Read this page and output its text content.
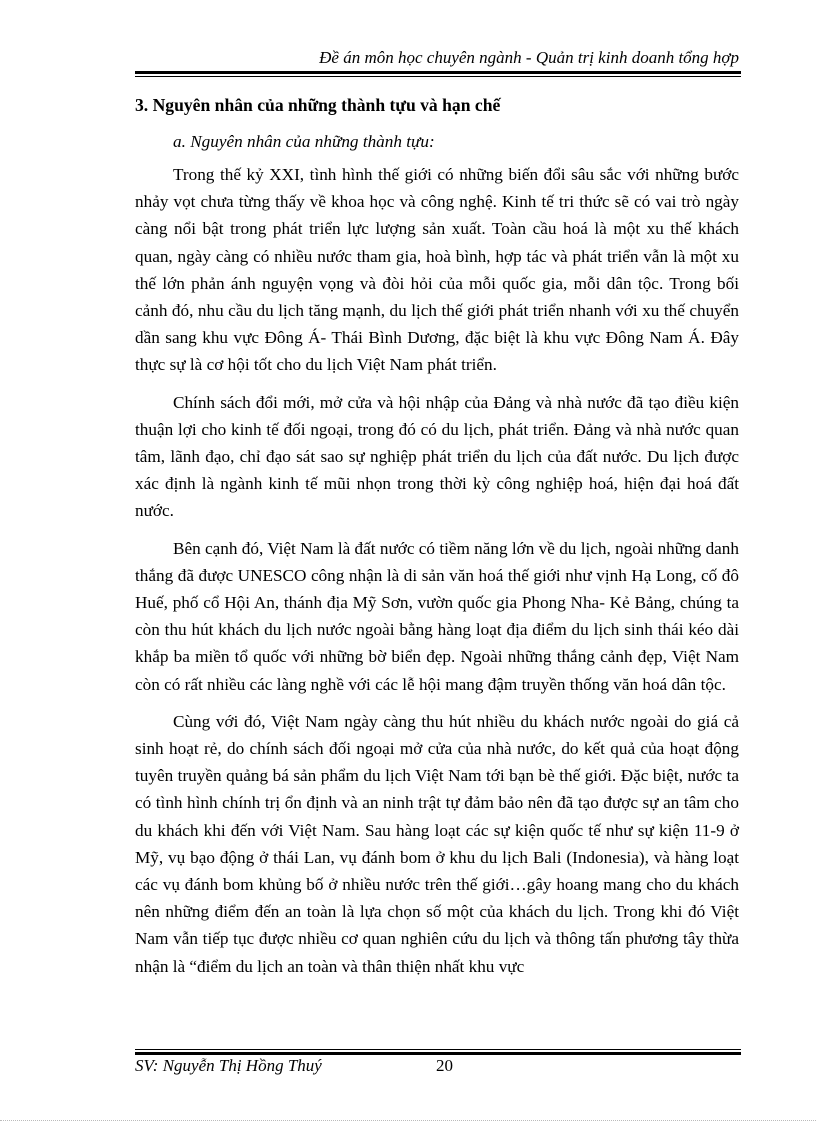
Đề án môn học chuyên ngành - Quản trị kinh doanh tổng hợp

3. Nguyên nhân của những thành tựu và hạn chế

a. Nguyên nhân của những thành tựu:

Trong thế kỷ XXI, tình hình thế giới có những biến đổi sâu sắc với những bước nhảy vọt chưa từng thấy về khoa học và công nghệ. Kinh tế tri thức sẽ có vai trò ngày càng nổi bật trong phát triển lực lượng sản xuất. Toàn cầu hoá là một xu thế khách quan, ngày càng có nhiều nước tham gia, hoà bình, hợp tác và phát triển vẫn là một xu thế lớn phản ánh nguyện vọng và đòi hỏi của mỗi quốc gia, mỗi dân tộc. Trong bối cảnh đó, nhu cầu du lịch tăng mạnh, du lịch thế giới phát triển nhanh với xu thế chuyển dần sang khu vực Đông Á- Thái Bình Dương, đặc biệt là khu vực Đông Nam Á. Đây thực sự là cơ hội tốt cho du lịch Việt Nam phát triển.

Chính sách đổi mới, mở cửa và hội nhập của Đảng và nhà nước đã tạo điều kiện thuận lợi cho kinh tế đối ngoại, trong đó có du lịch, phát triển. Đảng và nhà nước quan tâm, lãnh đạo, chỉ đạo sát sao sự nghiệp phát triển du lịch của đất nước. Du lịch được xác định là ngành kinh tế mũi nhọn trong thời kỳ công nghiệp hoá, hiện đại hoá đất nước.

Bên cạnh đó, Việt Nam là đất nước có tiềm năng lớn về du lịch, ngoài những danh thắng đã được UNESCO công nhận là di sản văn hoá thế giới như vịnh Hạ Long, cố đô Huế, phố cổ Hội An, thánh địa Mỹ Sơn, vườn quốc gia Phong Nha- Kẻ Bảng, chúng ta còn thu hút khách du lịch nước ngoài bằng hàng loạt địa điểm du lịch sinh thái kéo dài khắp ba miền tổ quốc với những bờ biển đẹp. Ngoài những thắng cảnh đẹp, Việt Nam còn có rất nhiều các làng nghề với các lễ hội mang đậm truyền thống văn hoá dân tộc.

Cùng với đó, Việt Nam ngày càng thu hút nhiều du khách nước ngoài do giá cả sinh hoạt rẻ, do chính sách đối ngoại mở cửa của nhà nước, do kết quả của hoạt động tuyên truyền quảng bá sản phẩm du lịch Việt Nam tới bạn bè thế giới. Đặc biệt, nước ta có tình hình chính trị ổn định và an ninh trật tự đảm bảo nên đã tạo được sự an tâm cho du khách khi đến với Việt Nam. Sau hàng loạt các sự kiện quốc tế như sự kiện 11-9 ở Mỹ, vụ bạo động ở thái Lan, vụ đánh bom ở khu du lịch Bali (Indonesia), và hàng loạt các vụ đánh bom khủng bố ở nhiều nước trên thế giới…gây hoang mang cho du khách nên những điểm đến an toàn là lựa chọn số một của khách du lịch. Trong khi đó Việt Nam vẫn tiếp tục được nhiều cơ quan nghiên cứu du lịch và thông tấn phương tây thừa nhận là “điểm du lịch an toàn và thân thiện nhất khu vực

SV: Nguyễn Thị Hồng Thuý	20
